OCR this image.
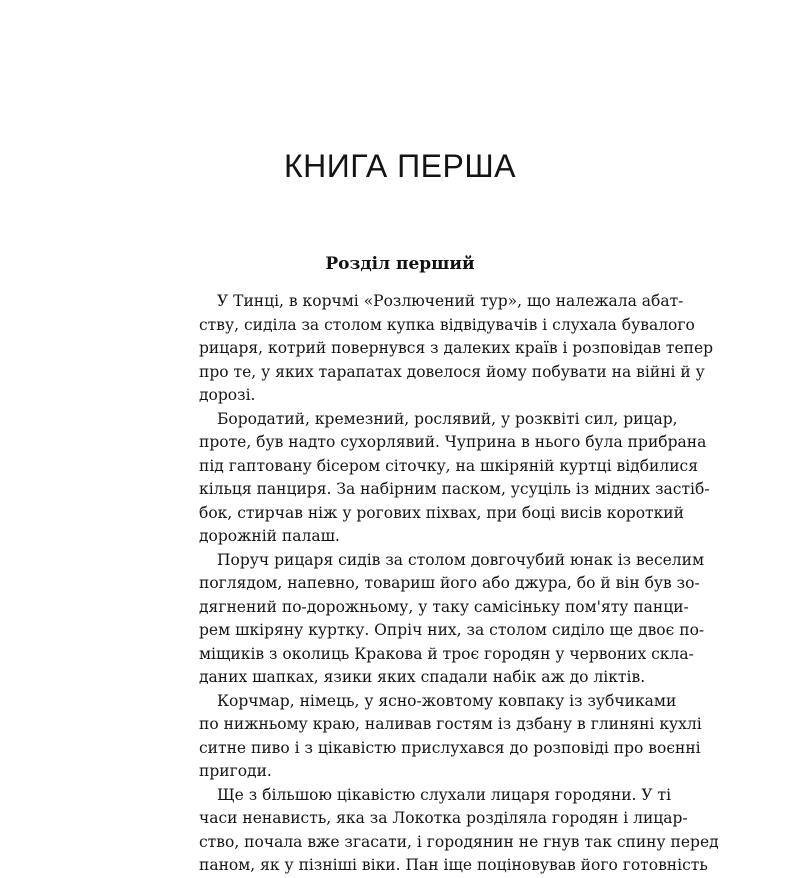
КНИГА ПЕРША
Розділ перший
У Тинці, в корчмі «Розлючений тур», що належала абат-
ству, сиділа за столом купка відвідувачів і слухала бувалого
рицаря, котрий повернувся з далеких країв і розповідав тепер
про те, у яких тарапатах довелося йому побувати на війні й у
дорозі.
Бородатий, кремезний, рослявий, у розквіті сил, рицар,
проте, був надто сухорлявий. Чуприна в нього була прибрана
під гаптовану бісером сіточку, на шкіряній куртці відбилися
кільця панциря. За набірним паском, усуціль із мідних застіб-
бок, стирчав ніж у рогових піхвах, при боці висів короткий
дорожній палаш.
Поруч рицаря сидів за столом довгочубий юнак із веселим
поглядом, напевно, товариш його або джура, бо й він був зо-
дягнений по-дорожньому, у таку самісіньку пом'яту панци-
рем шкіряну куртку. Опріч них, за столом сиділо ще двоє по-
міщиків з околиць Кракова й троє городян у червоних скла-
даних шапках, язики яких спадали набік аж до ліктів.
Корчмар, німець, у ясно-жовтому ковпаку із зубчиками
по нижньому краю, наливав гостям із дзбану в глиняні кухлі
ситне пиво і з цікавістю прислухався до розповіді про воєнні
пригоди.
Ще з більшою цікавістю слухали лицаря городяни. У ті
часи ненависть, яка за Локотка розділяла городян і лицар-
ство, почала вже згасати, і городянин не гнув так спину перед
паном, як у пізніші віки. Пан іще поціновував його готовність
